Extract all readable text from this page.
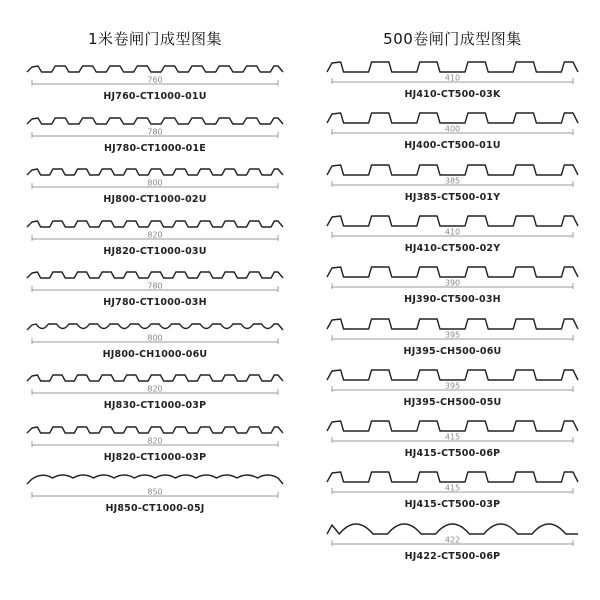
1米卷闸门成型图集
760
HJ760-CT1000-01U
780
HJ780-CT1000-01E
800
HJ800-CT1000-02U
820
HJ820-CT1000-03U
780
HJ780-CT1000-03H
800
HJ800-CH1000-06U
820
HJ830-CT1000-03P
820
HJ820-CT1000-03P
850
HJ850-CT1000-05J
500卷闸门成型图集
410
HJ410-CT500-03K
400
HJ400-CT500-01U
385
HJ385-CT500-01Y
410
HJ410-CT500-02Y
390
HJ390-CT500-03H
395
HJ395-CH500-06U
395
HJ395-CH500-05U
415
HJ415-CT500-06P
415
HJ415-CT500-03P
422
HJ422-CT500-06P
